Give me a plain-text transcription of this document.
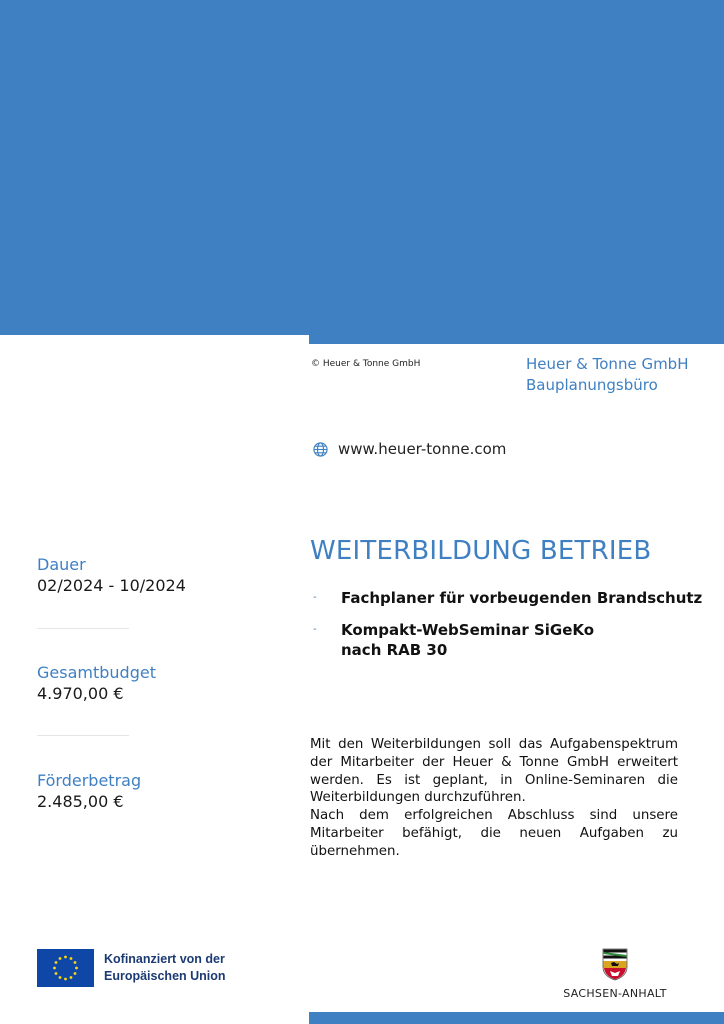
© Heuer & Tonne GmbH	Heuer & Tonne GmbH
Bauplanungsbüro
www.heuer-tonne.com
Dauer
02/2024 - 10/2024
Gesamtbudget
4.970,00 €
Förderbetrag
2.485,00 €
WEITERBILDUNG BETRIEB
-	Fachplaner für vorbeugenden Brandschutz
-	Kompakt-WebSeminar SiGeKo
nach RAB 30

Mit den Weiterbildungen soll das Aufgabenspektrum der Mitarbeiter der Heuer & Tonne GmbH erweitert werden. Es ist geplant, in Online-Seminaren die Weiterbildungen durchzuführen.

Nach dem erfolgreichen Abschluss sind unsere Mitarbeiter befähigt, die neuen Aufgaben zu übernehmen.

Kofinanziert von der
Europäischen Union
SACHSEN-ANHALT
